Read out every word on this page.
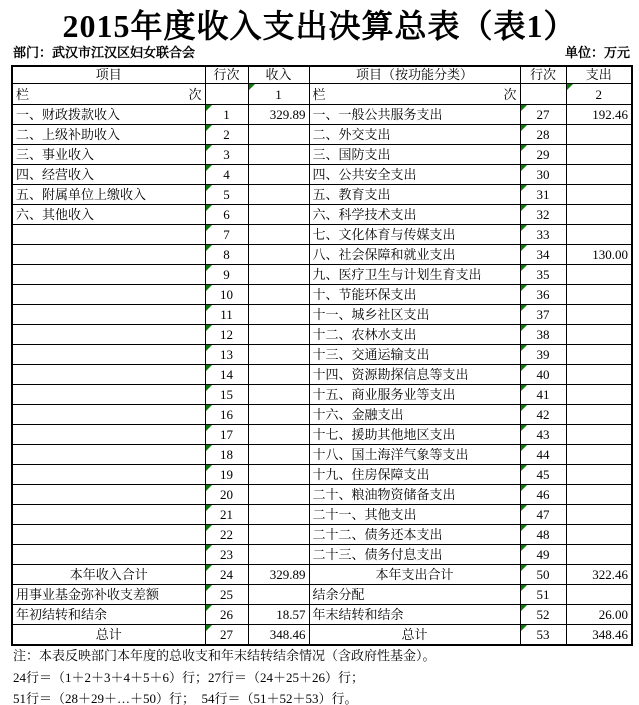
2015年度收入支出决算总表（表1）
部门：武汉市江汉区妇女联合会	单位：万元
项目	行次	收入	项目（按功能分类）	行次	支出

栏 次		1	栏 次		2
一、财政拨款收入	1	329.89	一、一般公共服务支出	27	192.46
二、上级补助收入	2		二、外交支出	28	
三、事业收入	3		三、国防支出	29	
四、经营收入	4		四、公共安全支出	30	
五、附属单位上缴收入	5		五、教育支出	31	
六、其他收入	6		六、科学技术支出	32	
	7		七、文化体育与传媒支出	33	
	8		八、社会保障和就业支出	34	130.00
	9		九、医疗卫生与计划生育支出	35	
	10		十、节能环保支出	36	
	11		十一、城乡社区支出	37	
	12		十二、农林水支出	38	
	13		十三、交通运输支出	39	
	14		十四、资源勘探信息等支出	40	
	15		十五、商业服务业等支出	41	
	16		十六、金融支出	42	
	17		十七、援助其他地区支出	43	
	18		十八、国土海洋气象等支出	44	
	19		十九、住房保障支出	45	
	20		二十、粮油物资储备支出	46	
	21		二十一、其他支出	47	
	22		二十二、债务还本支出	48	
	23		二十三、债务付息支出	49	
本年收入合计	24	329.89	本年支出合计	50	322.46
用事业基金弥补收支差额	25		结余分配	51	
年初结转和结余	26	18.57	年末结转和结余	52	26.00
总计	27	348.46	总计	53	348.46
注：本表反映部门本年度的总收支和年末结转结余情况（含政府性基金）。
24行＝（1＋2＋3＋4＋5＋6）行；27行＝（24＋25＋26）行；
51行＝（28＋29＋…＋50）行；　54行＝（51＋52＋53）行。
